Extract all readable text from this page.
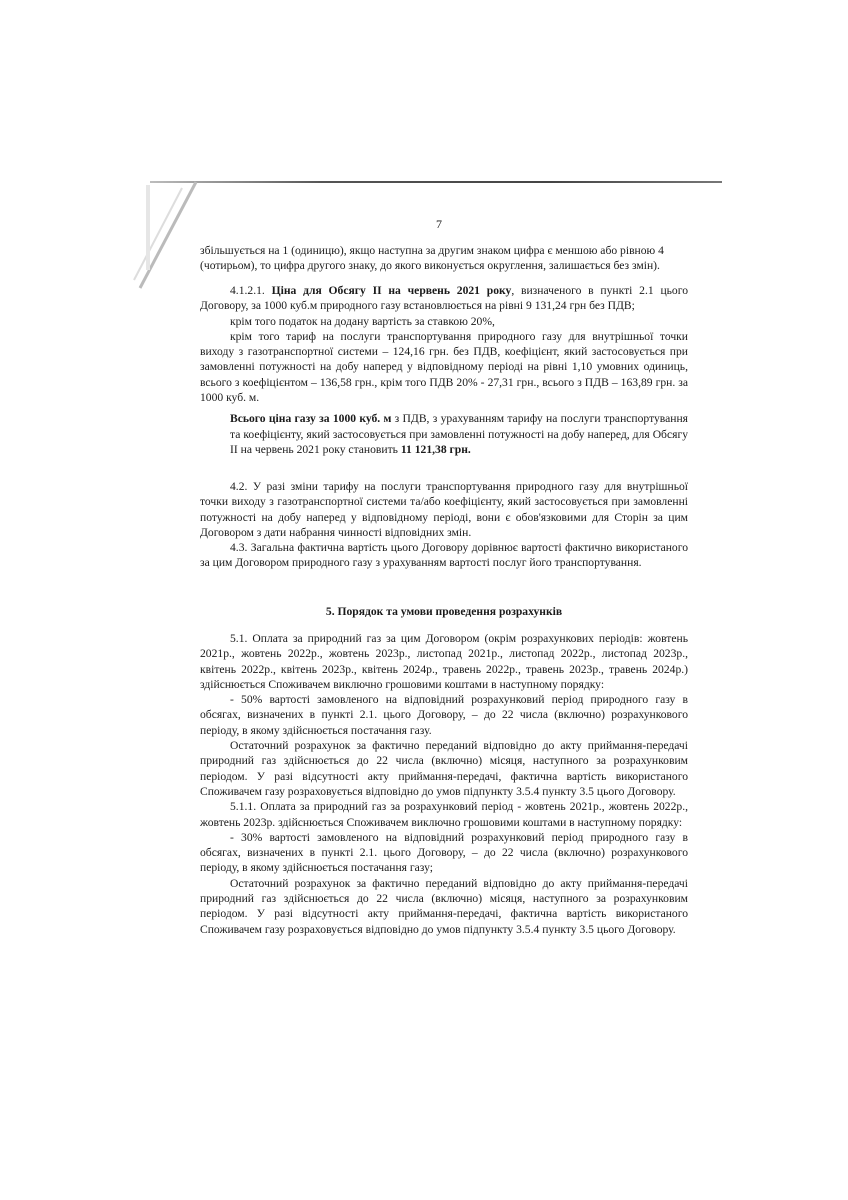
7

збільшується на 1 (одиницю), якщо наступна за другим знаком цифра є меншою або рівною 4

(чотирьом), то цифра другого знаку, до якого виконується округлення, залишається без змін).

4.1.2.1. Ціна для Обсягу II на червень 2021 року, визначеного в пункті 2.1 цього Договору, за 1000 куб.м природного газу встановлюється на рівні 9 131,24 грн без ПДВ;

крім того податок на додану вартість за ставкою 20%,

крім того тариф на послуги транспортування природного газу для внутрішньої точки виходу з газотранспортної системи – 124,16 грн. без ПДВ, коефіцієнт, який застосовується при замовленні потужності на добу наперед у відповідному періоді на рівні 1,10 умовних одиниць, всього з коефіцієнтом – 136,58 грн., крім того ПДВ 20% - 27,31 грн., всього з ПДВ – 163,89 грн. за 1000 куб. м.

Всього ціна газу за 1000 куб. м з ПДВ, з урахуванням тарифу на послуги транспортування та коефіцієнту, який застосовується при замовленні потужності на добу наперед, для Обсягу II на червень 2021 року становить 11 121,38 грн.

4.2. У разі зміни тарифу на послуги транспортування природного газу для внутрішньої точки виходу з газотранспортної системи та/або коефіцієнту, який застосовується при замовленні потужності на добу наперед у відповідному періоді, вони є обов'язковими для Сторін за цим Договором з дати набрання чинності відповідних змін.

4.3. Загальна фактична вартість цього Договору дорівнює вартості фактично використаного за цим Договором природного газу з урахуванням вартості послуг його транспортування.

5. Порядок та умови проведення розрахунків

5.1. Оплата за природний газ за цим Договором (окрім розрахункових періодів: жовтень 2021р., жовтень 2022р., жовтень 2023р., листопад 2021р., листопад 2022р., листопад 2023р., квітень 2022р., квітень 2023р., квітень 2024р., травень 2022р., травень 2023р., травень 2024р.) здійснюється Споживачем виключно грошовими коштами в наступному порядку:

- 50% вартості замовленого на відповідний розрахунковий період природного газу в обсягах, визначених в пункті 2.1. цього Договору, – до 22 числа (включно) розрахункового періоду, в якому здійснюється постачання газу.

Остаточний розрахунок за фактично переданий відповідно до акту приймання-передачі природний газ здійснюється до 22 числа (включно) місяця, наступного за розрахунковим періодом. У разі відсутності акту приймання-передачі, фактична вартість використаного Споживачем газу розраховується відповідно до умов підпункту 3.5.4 пункту 3.5 цього Договору.

5.1.1. Оплата за природний газ за розрахунковий період - жовтень 2021р., жовтень 2022р., жовтень 2023р. здійснюється Споживачем виключно грошовими коштами в наступному порядку:

- 30% вартості замовленого на відповідний розрахунковий період природного газу в обсягах, визначених в пункті 2.1. цього Договору, – до 22 числа (включно) розрахункового періоду, в якому здійснюється постачання газу;

Остаточний розрахунок за фактично переданий відповідно до акту приймання-передачі природний газ здійснюється до 22 числа (включно) місяця, наступного за розрахунковим періодом. У разі відсутності акту приймання-передачі, фактична вартість використаного Споживачем газу розраховується відповідно до умов підпункту 3.5.4 пункту 3.5 цього Договору.
